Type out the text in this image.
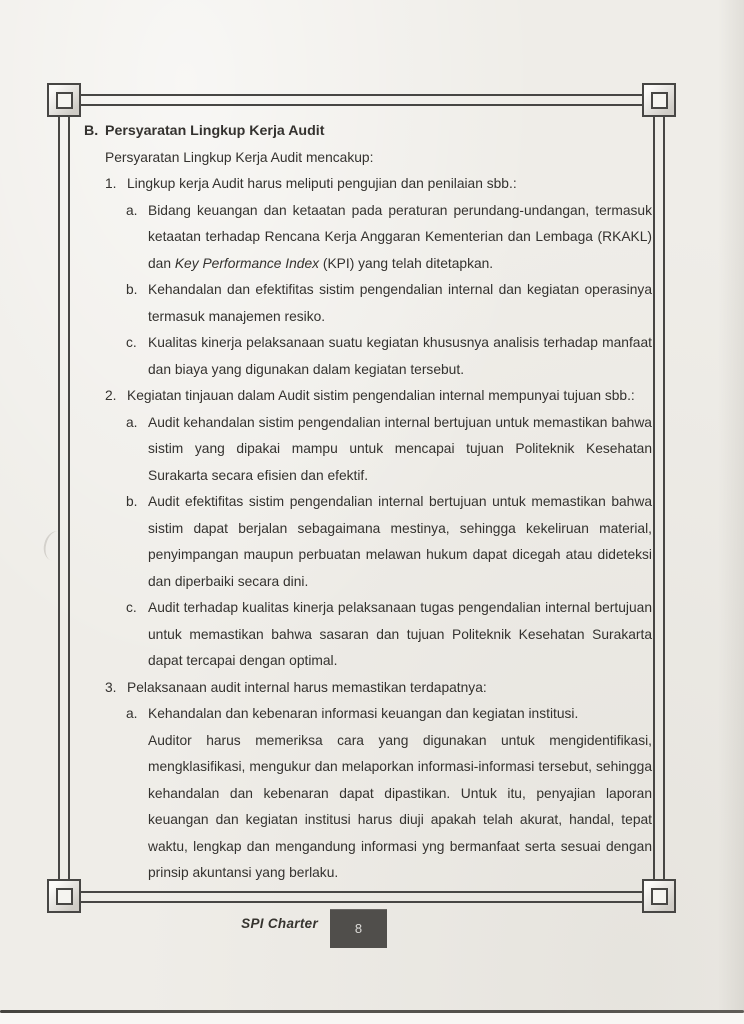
B. Persyaratan Lingkup Kerja Audit
Persyaratan Lingkup Kerja Audit mencakup:
1. Lingkup kerja Audit harus meliputi pengujian dan penilaian sbb.:
a. Bidang keuangan dan ketaatan pada peraturan perundang-undangan, termasuk ketaatan terhadap Rencana Kerja Anggaran Kementerian dan Lembaga (RKAKL) dan Key Performance Index (KPI) yang telah ditetapkan.

b. Kehandalan dan efektifitas sistim pengendalian internal dan kegiatan operasinya termasuk manajemen resiko.

c. Kualitas kinerja pelaksanaan suatu kegiatan khususnya analisis terhadap manfaat dan biaya yang digunakan dalam kegiatan tersebut.

2. Kegiatan tinjauan dalam Audit sistim pengendalian internal mempunyai tujuan sbb.:
a. Audit kehandalan sistim pengendalian internal bertujuan untuk memastikan bahwa sistim yang dipakai mampu untuk mencapai tujuan Politeknik Kesehatan Surakarta secara efisien dan efektif.

b. Audit efektifitas sistim pengendalian internal bertujuan untuk memastikan bahwa sistim dapat berjalan sebagaimana mestinya, sehingga kekeliruan material, penyimpangan maupun perbuatan melawan hukum dapat dicegah atau dideteksi dan diperbaiki secara dini.

c. Audit terhadap kualitas kinerja pelaksanaan tugas pengendalian internal bertujuan untuk memastikan bahwa sasaran dan tujuan Politeknik Kesehatan Surakarta dapat tercapai dengan optimal.

3. Pelaksanaan audit internal harus memastikan terdapatnya:
a. Kehandalan dan kebenaran informasi keuangan dan kegiatan institusi.

Auditor harus memeriksa cara yang digunakan untuk mengidentifikasi, mengklasifikasi, mengukur dan melaporkan informasi-informasi tersebut, sehingga kehandalan dan kebenaran dapat dipastikan. Untuk itu, penyajian laporan keuangan dan kegiatan institusi harus diuji apakah telah akurat, handal, tepat waktu, lengkap dan mengandung informasi yng bermanfaat serta sesuai dengan prinsip akuntansi yang berlaku.

SPI Charter	8
